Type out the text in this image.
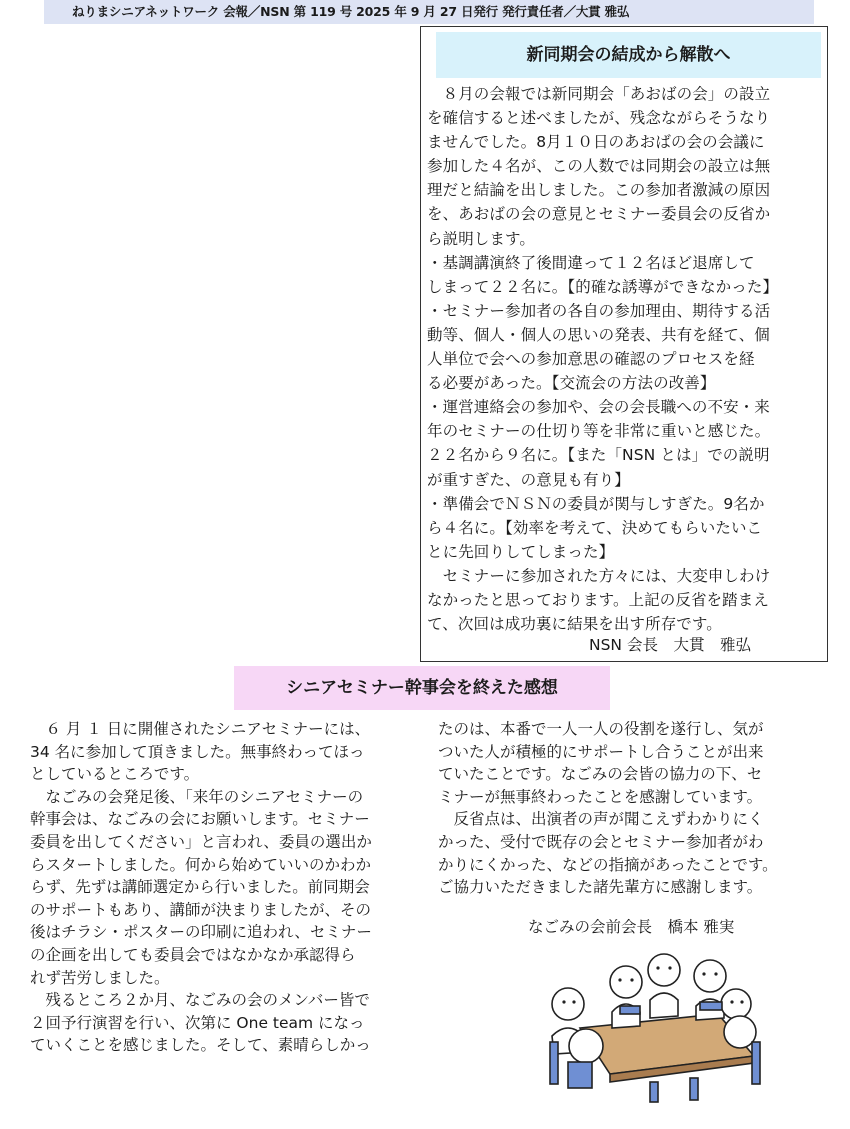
ねりまシニアネットワーク 会報／NSN 第 119 号 2025 年 9 月 27 日発行 発行責任者／大貫 雅弘
新同期会の結成から解散へ

　８月の会報では新同期会「あおばの会」の設立

を確信すると述べましたが、残念ながらそうなり

ませんでした。8月１０日のあおばの会の会議に

参加した４名が、この人数では同期会の設立は無

理だと結論を出しました。この参加者激減の原因

を、あおばの会の意見とセミナー委員会の反省か

ら説明します。

・基調講演終了後間違って１２名ほど退席して

しまって２２名に。【的確な誘導ができなかった】

・セミナー参加者の各自の参加理由、期待する活

動等、個人・個人の思いの発表、共有を経て、個

人単位で会への参加意思の確認のプロセスを経

る必要があった。【交流会の方法の改善】

・運営連絡会の参加や、会の会長職への不安・来

年のセミナーの仕切り等を非常に重いと感じた。

２２名から９名に。【また「NSN とは」での説明

が重すぎた、の意見も有り】

・準備会でＮＳＮの委員が関与しすぎた。9名か

ら４名に。【効率を考えて、決めてもらいたいこ

とに先回りしてしまった】

　セミナーに参加された方々には、大変申しわけ

なかったと思っております。上記の反省を踏まえ

て、次回は成功裏に結果を出す所存です。

NSN 会長　大貫　雅弘
シニアセミナー幹事会を終えた感想

　６ 月 １ 日に開催されたシニアセミナーには、

34 名に参加して頂きました。無事終わってほっ

としているところです。

　なごみの会発足後、「来年のシニアセミナーの

幹事会は、なごみの会にお願いします。セミナー

委員を出してください」と言われ、委員の選出か

らスタートしました。何から始めていいのかわか

らず、先ずは講師選定から行いました。前同期会

のサポートもあり、講師が決まりましたが、その

後はチラシ・ポスターの印刷に追われ、セミナー

の企画を出しても委員会ではなかなか承認得ら

れず苦労しました。

　残るところ２か月、なごみの会のメンバー皆で

２回予行演習を行い、次第に One team になっ

ていくことを感じました。そして、素晴らしかっ

たのは、本番で一人一人の役割を遂行し、気が

ついた人が積極的にサポートし合うことが出来

ていたことです。なごみの会皆の協力の下、セ

ミナーが無事終わったことを感謝しています。

　反省点は、出演者の声が聞こえずわかりにく

かった、受付で既存の会とセミナー参加者がわ

かりにくかった、などの指摘があったことです。

ご協力いただきました諸先輩方に感謝します。

なごみの会前会長　橋本 雅実
